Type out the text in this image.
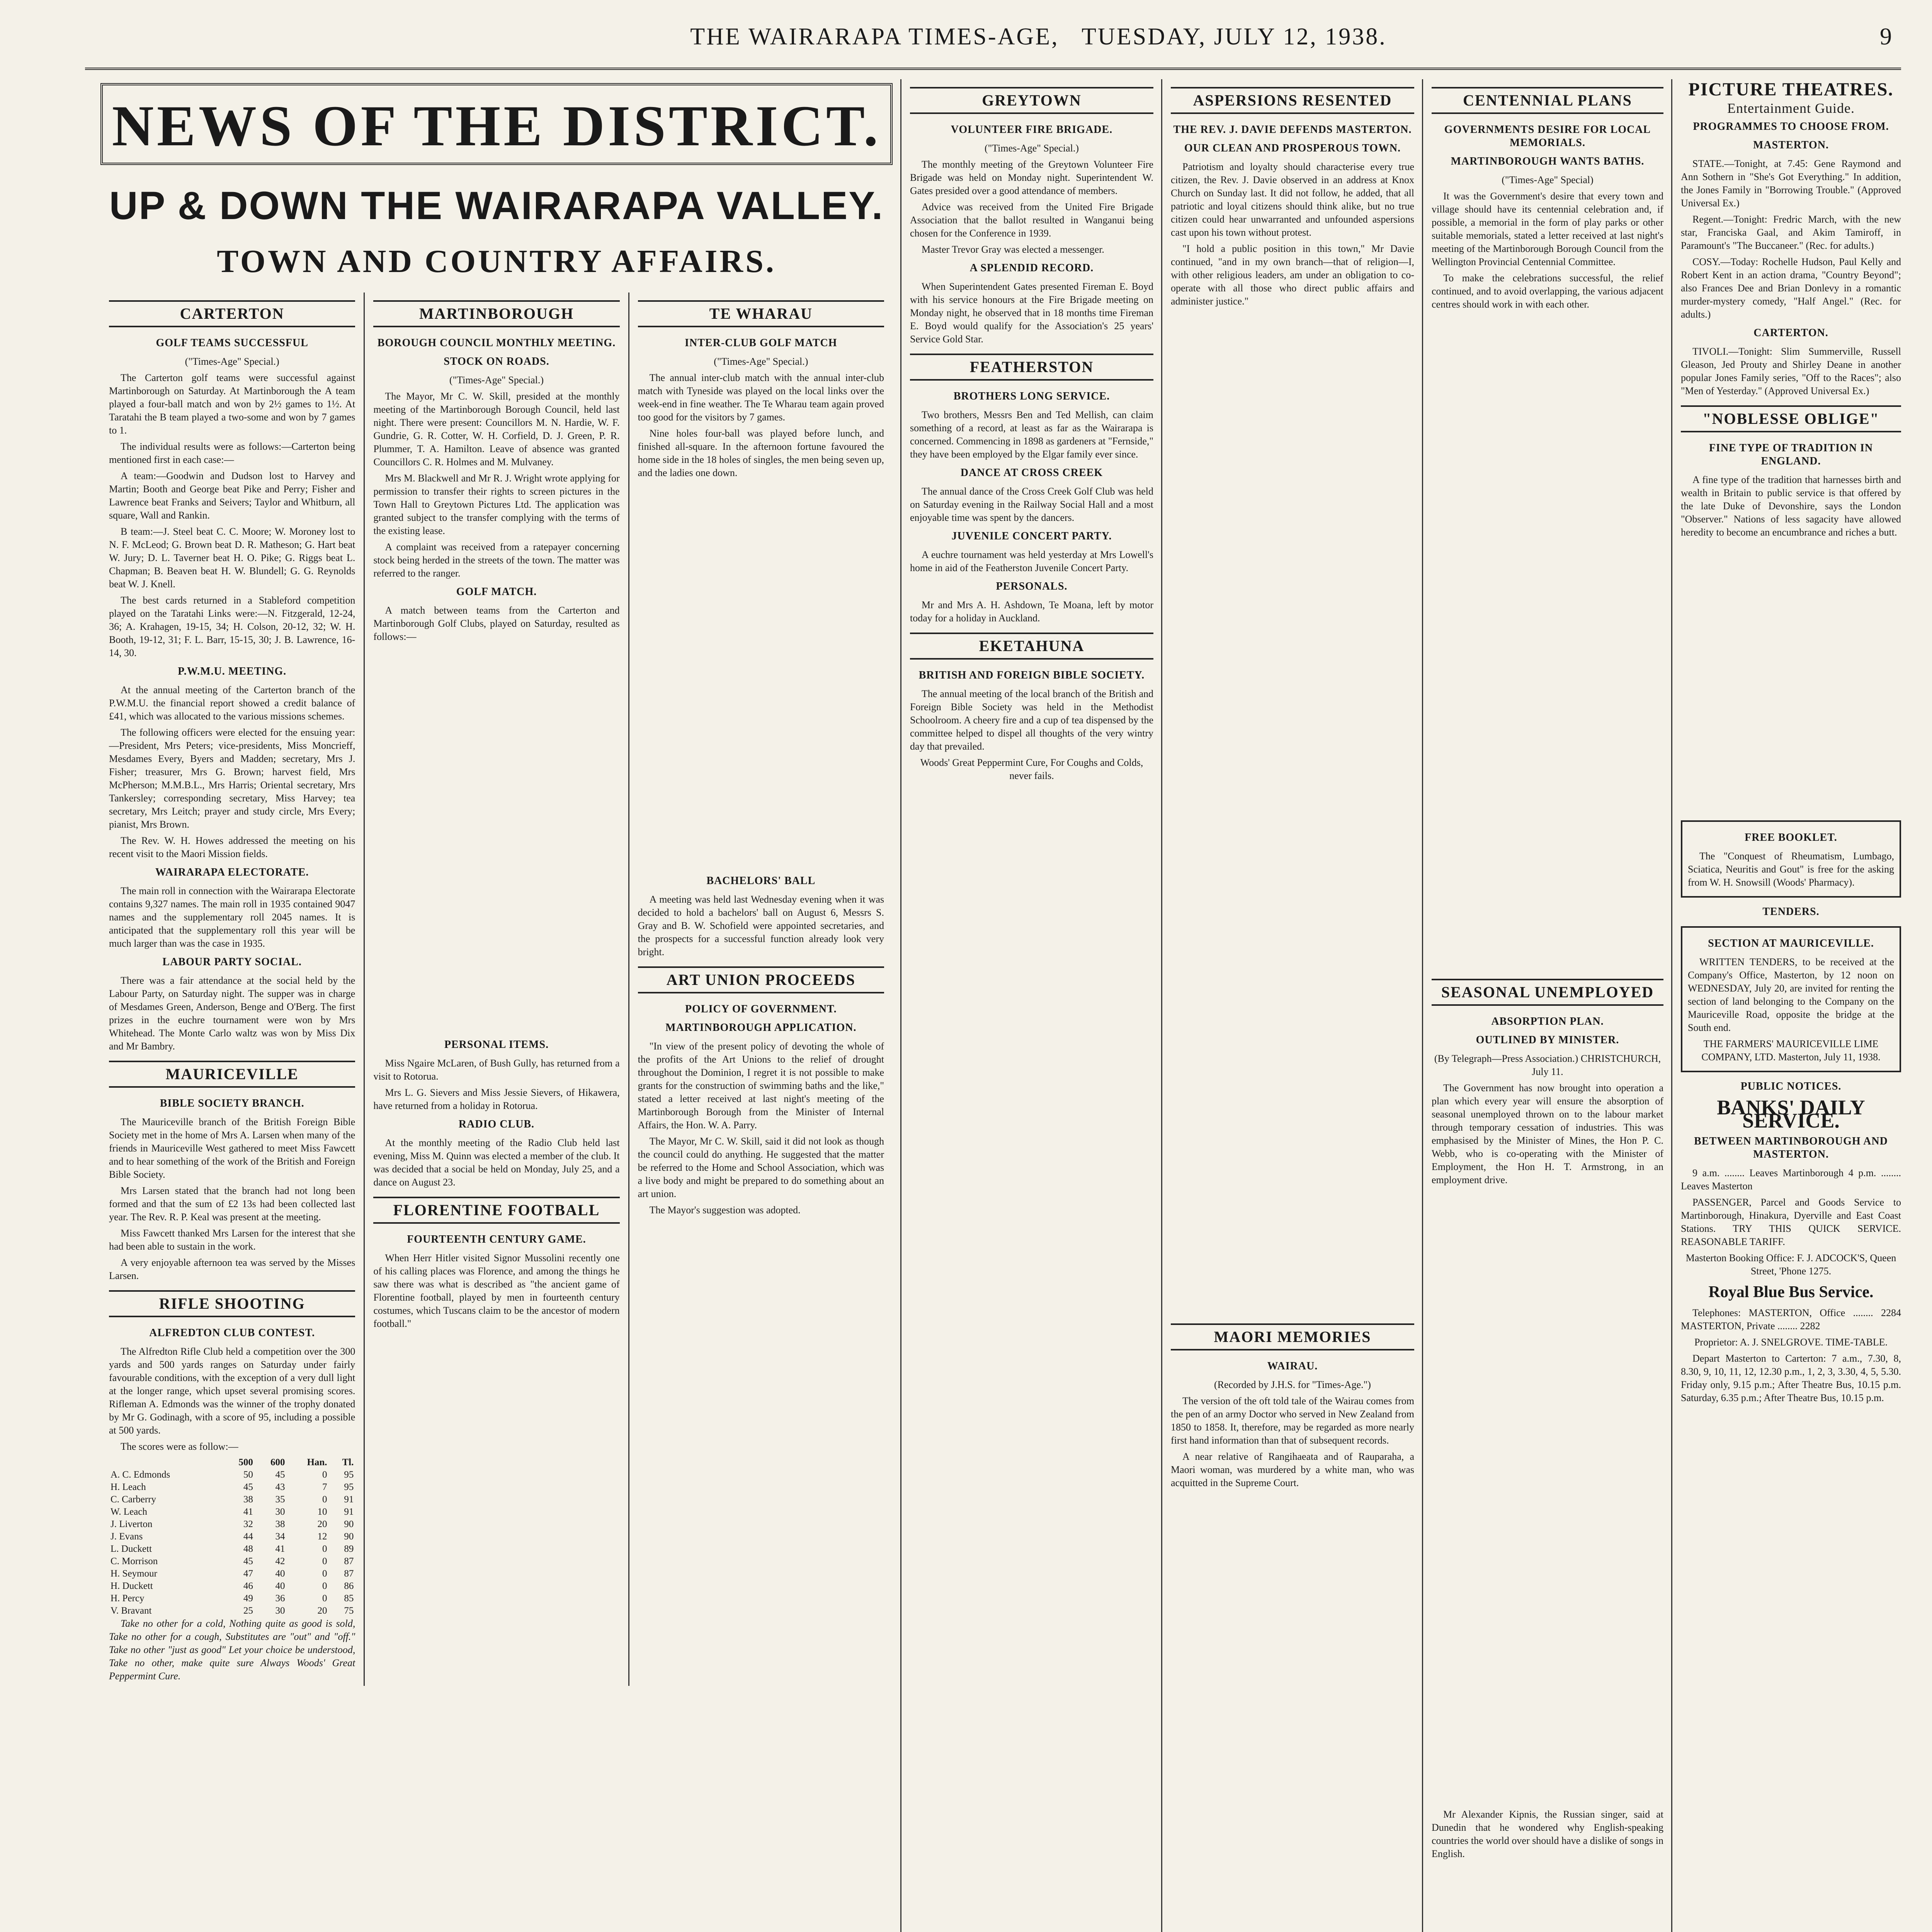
THE WAIRARAPA TIMES-AGE, TUESDAY, JULY 12, 1938.	9
NEWS OF THE DISTRICT.
UP & DOWN THE WAIRARAPA VALLEY.
TOWN AND COUNTRY AFFAIRS.
CARTERTON
GOLF TEAMS SUCCESSFUL

("Times-Age" Special.)

The Carterton golf teams were successful against Martinborough on Saturday. At Martinborough the A team played a four-ball match and won by 2½ games to 1½. At Taratahi the B team played a two-some and won by 7 games to 1.

The individual results were as follows:—Carterton being mentioned first in each case:—

A team:—Goodwin and Dudson lost to Harvey and Martin; Booth and George beat Pike and Perry; Fisher and Lawrence beat Franks and Seivers; Taylor and Whitburn, all square, Wall and Rankin.

B team:—J. Steel beat C. C. Moore; W. Moroney lost to N. F. McLeod; G. Brown beat D. R. Matheson; G. Hart beat W. Jury; D. L. Taverner beat H. O. Pike; G. Riggs beat L. Chapman; B. Beaven beat H. W. Blundell; G. G. Reynolds beat W. J. Knell.

The best cards returned in a Stableford competition played on the Taratahi Links were:—N. Fitzgerald, 12-24, 36; A. Krahagen, 19-15, 34; H. Colson, 20-12, 32; W. H. Booth, 19-12, 31; F. L. Barr, 15-15, 30; J. B. Lawrence, 16-14, 30.

P.W.M.U. MEETING.

At the annual meeting of the Carterton branch of the P.W.M.U. the financial report showed a credit balance of £41, which was allocated to the various missions schemes.

The following officers were elected for the ensuing year:—President, Mrs Peters; vice-presidents, Miss Moncrieff, Mesdames Every, Byers and Madden; secretary, Mrs J. Fisher; treasurer, Mrs G. Brown; harvest field, Mrs McPherson; M.M.B.L., Mrs Harris; Oriental secretary, Mrs Tankersley; corresponding secretary, Miss Harvey; tea secretary, Mrs Leitch; prayer and study circle, Mrs Every; pianist, Mrs Brown.

The Rev. W. H. Howes addressed the meeting on his recent visit to the Maori Mission fields.

WAIRARAPA ELECTORATE.

The main roll in connection with the Wairarapa Electorate contains 9,327 names. The main roll in 1935 contained 9047 names and the supplementary roll 2045 names. It is anticipated that the supplementary roll this year will be much larger than was the case in 1935.

LABOUR PARTY SOCIAL.

There was a fair attendance at the social held by the Labour Party, on Saturday night. The supper was in charge of Mesdames Green, Anderson, Benge and O'Berg. The first prizes in the euchre tournament were won by Mrs Whitehead. The Monte Carlo waltz was won by Miss Dix and Mr Bambry.

MAURICEVILLE
BIBLE SOCIETY BRANCH.

The Mauriceville branch of the British Foreign Bible Society met in the home of Mrs A. Larsen when many of the friends in Mauriceville West gathered to meet Miss Fawcett and to hear something of the work of the British and Foreign Bible Society.

Mrs Larsen stated that the branch had not long been formed and that the sum of £2 13s had been collected last year. The Rev. R. P. Keal was present at the meeting.

Miss Fawcett thanked Mrs Larsen for the interest that she had been able to sustain in the work.

A very enjoyable afternoon tea was served by the Misses Larsen.

RIFLE SHOOTING
ALFREDTON CLUB CONTEST.

The Alfredton Rifle Club held a competition over the 300 yards and 500 yards ranges on Saturday under fairly favourable conditions, with the exception of a very dull light at the longer range, which upset several promising scores. Rifleman A. Edmonds was the winner of the trophy donated by Mr G. Godinagh, with a score of 95, including a possible at 500 yards.

The scores were as follow:—

	500	600	Han.	Tl.
A. C. Edmonds	50	45	0	95
H. Leach	45	43	7	95
C. Carberry	38	35	0	91
W. Leach	41	30	10	91
J. Liverton	32	38	20	90
J. Evans	44	34	12	90
L. Duckett	48	41	0	89
C. Morrison	45	42	0	87
H. Seymour	47	40	0	87
H. Duckett	46	40	0	86
H. Percy	49	36	0	85
V. Bravant	25	30	20	75

Take no other for a cold, Nothing quite as good is sold, Take no other for a cough, Substitutes are "out" and "off." Take no other "just as good" Let your choice be understood, Take no other, make quite sure Always Woods' Great Peppermint Cure.

MARTINBOROUGH
BOROUGH COUNCIL MONTHLY MEETING.
STOCK ON ROADS.

("Times-Age" Special.)

The Mayor, Mr C. W. Skill, presided at the monthly meeting of the Martinborough Borough Council, held last night. There were present: Councillors M. N. Hardie, W. F. Gundrie, G. R. Cotter, W. H. Corfield, D. J. Green, P. R. Plummer, T. A. Hamilton. Leave of absence was granted Councillors C. R. Holmes and M. Mulvaney.

Mrs M. Blackwell and Mr R. J. Wright wrote applying for permission to transfer their rights to screen pictures in the Town Hall to Greytown Pictures Ltd. The application was granted subject to the transfer complying with the terms of the existing lease.

A complaint was received from a ratepayer concerning stock being herded in the streets of the town. The matter was referred to the ranger.

GOLF MATCH.

A match between teams from the Carterton and Martinborough Golf Clubs, played on Saturday, resulted as follows:—

PERSONAL ITEMS.

Miss Ngaire McLaren, of Bush Gully, has returned from a visit to Rotorua.

Mrs L. G. Sievers and Miss Jessie Sievers, of Hikawera, have returned from a holiday in Rotorua.

RADIO CLUB.

At the monthly meeting of the Radio Club held last evening, Miss M. Quinn was elected a member of the club. It was decided that a social be held on Monday, July 25, and a dance on August 23.

FLORENTINE FOOTBALL
FOURTEENTH CENTURY GAME.

When Herr Hitler visited Signor Mussolini recently one of his calling places was Florence, and among the things he saw there was what is described as "the ancient game of Florentine football, played by men in fourteenth century costumes, which Tuscans claim to be the ancestor of modern football."

TE WHARAU
INTER-CLUB GOLF MATCH

("Times-Age" Special.)

The annual inter-club match with the annual inter-club match with Tyneside was played on the local links over the week-end in fine weather. The Te Wharau team again proved too good for the visitors by 7 games.

Nine holes four-ball was played before lunch, and finished all-square. In the afternoon fortune favoured the home side in the 18 holes of singles, the men being seven up, and the ladies one down.

BACHELORS' BALL

A meeting was held last Wednesday evening when it was decided to hold a bachelors' ball on August 6, Messrs S. Gray and B. W. Schofield were appointed secretaries, and the prospects for a successful function already look very bright.

ART UNION PROCEEDS
POLICY OF GOVERNMENT.
MARTINBOROUGH APPLICATION.

"In view of the present policy of devoting the whole of the profits of the Art Unions to the relief of drought throughout the Dominion, I regret it is not possible to make grants for the construction of swimming baths and the like," stated a letter received at last night's meeting of the Martinborough Borough from the Minister of Internal Affairs, the Hon. W. A. Parry.

The Mayor, Mr C. W. Skill, said it did not look as though the council could do anything. He suggested that the matter be referred to the Home and School Association, which was a live body and might be prepared to do something about an art union.

The Mayor's suggestion was adopted.

GREYTOWN
VOLUNTEER FIRE BRIGADE.

("Times-Age" Special.)

The monthly meeting of the Greytown Volunteer Fire Brigade was held on Monday night. Superintendent W. Gates presided over a good attendance of members.

Advice was received from the United Fire Brigade Association that the ballot resulted in Wanganui being chosen for the Conference in 1939.

Master Trevor Gray was elected a messenger.

A SPLENDID RECORD.

When Superintendent Gates presented Fireman E. Boyd with his service honours at the Fire Brigade meeting on Monday night, he observed that in 18 months time Fireman E. Boyd would qualify for the Association's 25 years' Service Gold Star.

FEATHERSTON
BROTHERS LONG SERVICE.

Two brothers, Messrs Ben and Ted Mellish, can claim something of a record, at least as far as the Wairarapa is concerned. Commencing in 1898 as gardeners at "Fernside," they have been employed by the Elgar family ever since.

DANCE AT CROSS CREEK

The annual dance of the Cross Creek Golf Club was held on Saturday evening in the Railway Social Hall and a most enjoyable time was spent by the dancers.

JUVENILE CONCERT PARTY.

A euchre tournament was held yesterday at Mrs Lowell's home in aid of the Featherston Juvenile Concert Party.

PERSONALS.

Mr and Mrs A. H. Ashdown, Te Moana, left by motor today for a holiday in Auckland.

EKETAHUNA
BRITISH AND FOREIGN BIBLE SOCIETY.

The annual meeting of the local branch of the British and Foreign Bible Society was held in the Methodist Schoolroom. A cheery fire and a cup of tea dispensed by the committee helped to dispel all thoughts of the very wintry day that prevailed.

Woods' Great Peppermint Cure, For Coughs and Colds, never fails.

ASPERSIONS RESENTED
THE REV. J. DAVIE DEFENDS MASTERTON.
OUR CLEAN AND PROSPEROUS TOWN.

Patriotism and loyalty should characterise every true citizen, the Rev. J. Davie observed in an address at Knox Church on Sunday last. It did not follow, he added, that all patriotic and loyal citizens should think alike, but no true citizen could hear unwarranted and unfounded aspersions cast upon his town without protest.

"I hold a public position in this town," Mr Davie continued, "and in my own branch—that of religion—I, with other religious leaders, am under an obligation to co-operate with all those who direct public affairs and administer justice."

MAORI MEMORIES
WAIRAU.

(Recorded by J.H.S. for "Times-Age.")

The version of the oft told tale of the Wairau comes from the pen of an army Doctor who served in New Zealand from 1850 to 1858. It, therefore, may be regarded as more nearly first hand information than that of subsequent records.

A near relative of Rangihaeata and of Rauparaha, a Maori woman, was murdered by a white man, who was acquitted in the Supreme Court.

CENTENNIAL PLANS
GOVERNMENTS DESIRE FOR LOCAL MEMORIALS.
MARTINBOROUGH WANTS BATHS.

("Times-Age" Special)

It was the Government's desire that every town and village should have its centennial celebration and, if possible, a memorial in the form of play parks or other suitable memorials, stated a letter received at last night's meeting of the Martinborough Borough Council from the Wellington Provincial Centennial Committee.

To make the celebrations successful, the relief continued, and to avoid overlapping, the various adjacent centres should work in with each other.

SEASONAL UNEMPLOYED
ABSORPTION PLAN.
OUTLINED BY MINISTER.

(By Telegraph—Press Association.) CHRISTCHURCH, July 11.

The Government has now brought into operation a plan which every year will ensure the absorption of seasonal unemployed thrown on to the labour market through temporary cessation of industries. This was emphasised by the Minister of Mines, the Hon P. C. Webb, who is co-operating with the Minister of Employment, the Hon H. T. Armstrong, in an employment drive.

Mr Alexander Kipnis, the Russian singer, said at Dunedin that he wondered why English-speaking countries the world over should have a dislike of songs in English.

PICTURE THEATRES.
Entertainment Guide.
PROGRAMMES TO CHOOSE FROM.
MASTERTON.

STATE.—Tonight, at 7.45: Gene Raymond and Ann Sothern in "She's Got Everything." In addition, the Jones Family in "Borrowing Trouble." (Approved Universal Ex.)

Regent.—Tonight: Fredric March, with the new star, Franciska Gaal, and Akim Tamiroff, in Paramount's "The Buccaneer." (Rec. for adults.)

COSY.—Today: Rochelle Hudson, Paul Kelly and Robert Kent in an action drama, "Country Beyond"; also Frances Dee and Brian Donlevy in a romantic murder-mystery comedy, "Half Angel." (Rec. for adults.)

CARTERTON.

TIVOLI.—Tonight: Slim Summerville, Russell Gleason, Jed Prouty and Shirley Deane in another popular Jones Family series, "Off to the Races"; also "Men of Yesterday." (Approved Universal Ex.)

"NOBLESSE OBLIGE"
FINE TYPE OF TRADITION IN ENGLAND.

A fine type of the tradition that harnesses birth and wealth in Britain to public service is that offered by the late Duke of Devonshire, says the London "Observer." Nations of less sagacity have allowed heredity to become an encumbrance and riches a butt.

FREE BOOKLET.

The "Conquest of Rheumatism, Lumbago, Sciatica, Neuritis and Gout" is free for the asking from W. H. Snowsill (Woods' Pharmacy).

TENDERS.
SECTION AT MAURICEVILLE.

WRITTEN TENDERS, to be received at the Company's Office, Masterton, by 12 noon on WEDNESDAY, July 20, are invited for renting the section of land belonging to the Company on the Mauriceville Road, opposite the bridge at the South end.

THE FARMERS' MAURICEVILLE LIME COMPANY, LTD. Masterton, July 11, 1938.

PUBLIC NOTICES.
BANKS' DAILY SERVICE.
BETWEEN MARTINBOROUGH AND MASTERTON.

9 a.m. ........ Leaves Martinborough 4 p.m. ........ Leaves Masterton

PASSENGER, Parcel and Goods Service to Martinborough, Hinakura, Dyerville and East Coast Stations. TRY THIS QUICK SERVICE. REASONABLE TARIFF.

Masterton Booking Office: F. J. ADCOCK'S, Queen Street, 'Phone 1275.

Royal Blue Bus Service.

Telephones: MASTERTON, Office ........ 2284 MASTERTON, Private ........ 2282

Proprietor: A. J. SNELGROVE. TIME-TABLE.

Depart Masterton to Carterton: 7 a.m., 7.30, 8, 8.30, 9, 10, 11, 12, 12.30 p.m., 1, 2, 3, 3.30, 4, 5, 5.30. Friday only, 9.15 p.m.; After Theatre Bus, 10.15 p.m. Saturday, 6.35 p.m.; After Theatre Bus, 10.15 p.m.
